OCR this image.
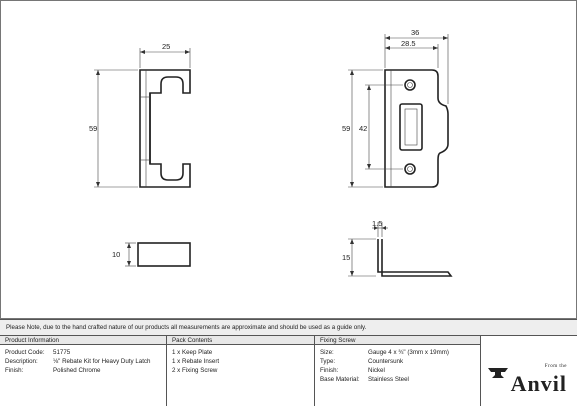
25
59
10
36
28.5
59 42
1.5
15
Please Note, due to the hand crafted nature of our products all measurements are approximate and should be used as a guide only.
Product Information
Product Code:	51775
Description:	⅛" Rebate Kit for Heavy Duty Latch
Finish:	Polished Chrome
Pack Contents
1 x Keep Plate
1 x Rebate Insert
2 x Fixing Screw
Fixing Screw
Size:	Gauge 4 x ¾" (3mm x 19mm)
Type:	Countersunk
Finish:	Nickel
Base Material:	Stainless Steel
From the
Anvil
